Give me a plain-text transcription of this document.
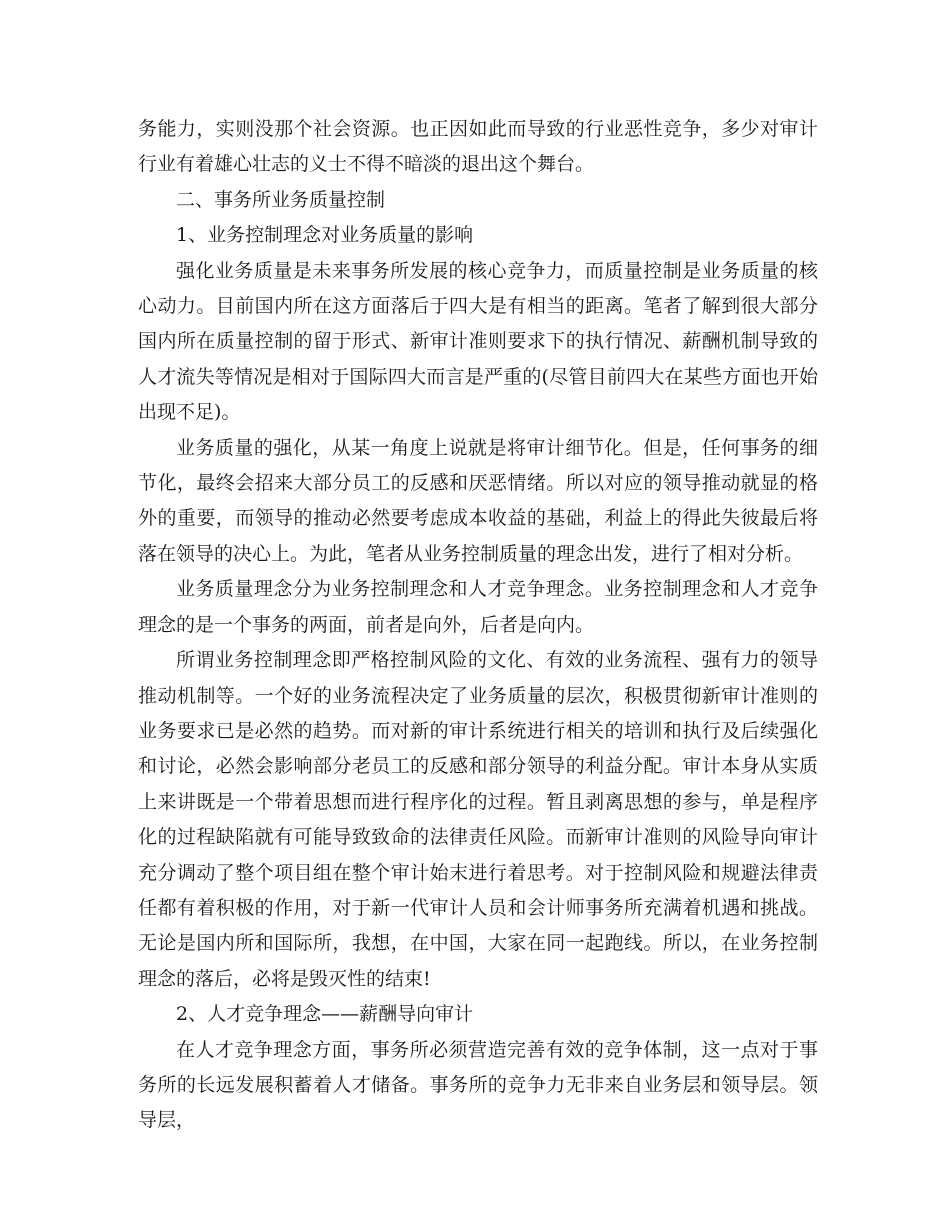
务能力，实则没那个社会资源。也正因如此而导致的行业恶性竞争，多少对审计行业有着雄心壮志的义士不得不暗淡的退出这个舞台。

二、事务所业务质量控制

1、业务控制理念对业务质量的影响

强化业务质量是未来事务所发展的核心竞争力，而质量控制是业务质量的核心动力。目前国内所在这方面落后于四大是有相当的距离。笔者了解到很大部分国内所在质量控制的留于形式、新审计准则要求下的执行情况、薪酬机制导致的人才流失等情况是相对于国际四大而言是严重的(尽管目前四大在某些方面也开始出现不足)。

业务质量的强化，从某一角度上说就是将审计细节化。但是，任何事务的细节化，最终会招来大部分员工的反感和厌恶情绪。所以对应的领导推动就显的格外的重要，而领导的推动必然要考虑成本收益的基础，利益上的得此失彼最后将落在领导的决心上。为此，笔者从业务控制质量的理念出发，进行了相对分析。

业务质量理念分为业务控制理念和人才竞争理念。业务控制理念和人才竞争理念的是一个事务的两面，前者是向外，后者是向内。

所谓业务控制理念即严格控制风险的文化、有效的业务流程、强有力的领导推动机制等。一个好的业务流程决定了业务质量的层次，积极贯彻新审计准则的业务要求已是必然的趋势。而对新的审计系统进行相关的培训和执行及后续强化和讨论，必然会影响部分老员工的反感和部分领导的利益分配。审计本身从实质上来讲既是一个带着思想而进行程序化的过程。暂且剥离思想的参与，单是程序化的过程缺陷就有可能导致致命的法律责任风险。而新审计准则的风险导向审计充分调动了整个项目组在整个审计始末进行着思考。对于控制风险和规避法律责任都有着积极的作用，对于新一代审计人员和会计师事务所充满着机遇和挑战。无论是国内所和国际所，我想，在中国，大家在同一起跑线。所以，在业务控制理念的落后，必将是毁灭性的结束!

2、人才竞争理念——薪酬导向审计

在人才竞争理念方面，事务所必须营造完善有效的竞争体制，这一点对于事务所的长远发展积蓄着人才储备。事务所的竞争力无非来自业务层和领导层。领导层，
